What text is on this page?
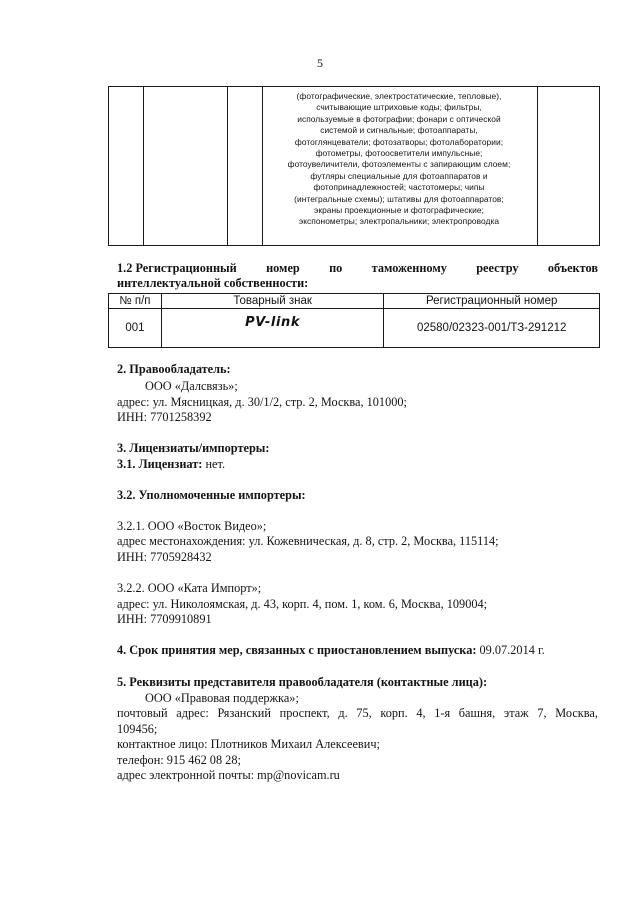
5
(фотографические, электростатические, тепловые),
считывающие штриховые коды; фильтры,
используемые в фотографии; фонари с оптической
системой и сигнальные; фотоаппараты,
фотоглянцеватели; фотозатворы; фотолаборатории;
фотометры, фотоосветители импульсные;
фотоувеличители, фотоэлементы с запирающим слоем;
футляры специальные для фотоаппаратов и
фотопринадлежностей; частотомеры; чипы
(интегральные схемы); штативы для фотоаппаратов;
экраны проекционные и фотографические;
экспонометры; электропальники; электропроводка
1.2 Регистрационный номер по таможенному реестру объектов
интеллектуальной собственности:
№ п/п	Товарный знак	Регистрационный номер
001	PV-link	02580/02323-001/ТЗ-291212
2. Правообладатель:
ООО «Далсвязь»;
адрес: ул. Мясницкая, д. 30/1/2, стр. 2, Москва, 101000;
ИНН: 7701258392
3. Лицензиаты/импортеры:
3.1. Лицензиат: нет.
3.2. Уполномоченные импортеры:
3.2.1. ООО «Восток Видео»;
адрес местонахождения: ул. Кожевническая, д. 8, стр. 2, Москва, 115114;
ИНН: 7705928432
3.2.2. ООО «Ката Импорт»;
адрес: ул. Николоямская, д. 43, корп. 4, пом. 1, ком. 6, Москва, 109004;
ИНН: 7709910891
4. Срок принятия мер, связанных с приостановлением выпуска: 09.07.2014 г.
5. Реквизиты представителя правообладателя (контактные лица):
ООО «Правовая поддержка»;
почтовый адрес: Рязанский проспект, д. 75, корп. 4, 1-я башня, этаж 7, Москва,
109456;
контактное лицо: Плотников Михаил Алексеевич;
телефон: 915 462 08 28;
адрес электронной почты: mp@novicam.ru
